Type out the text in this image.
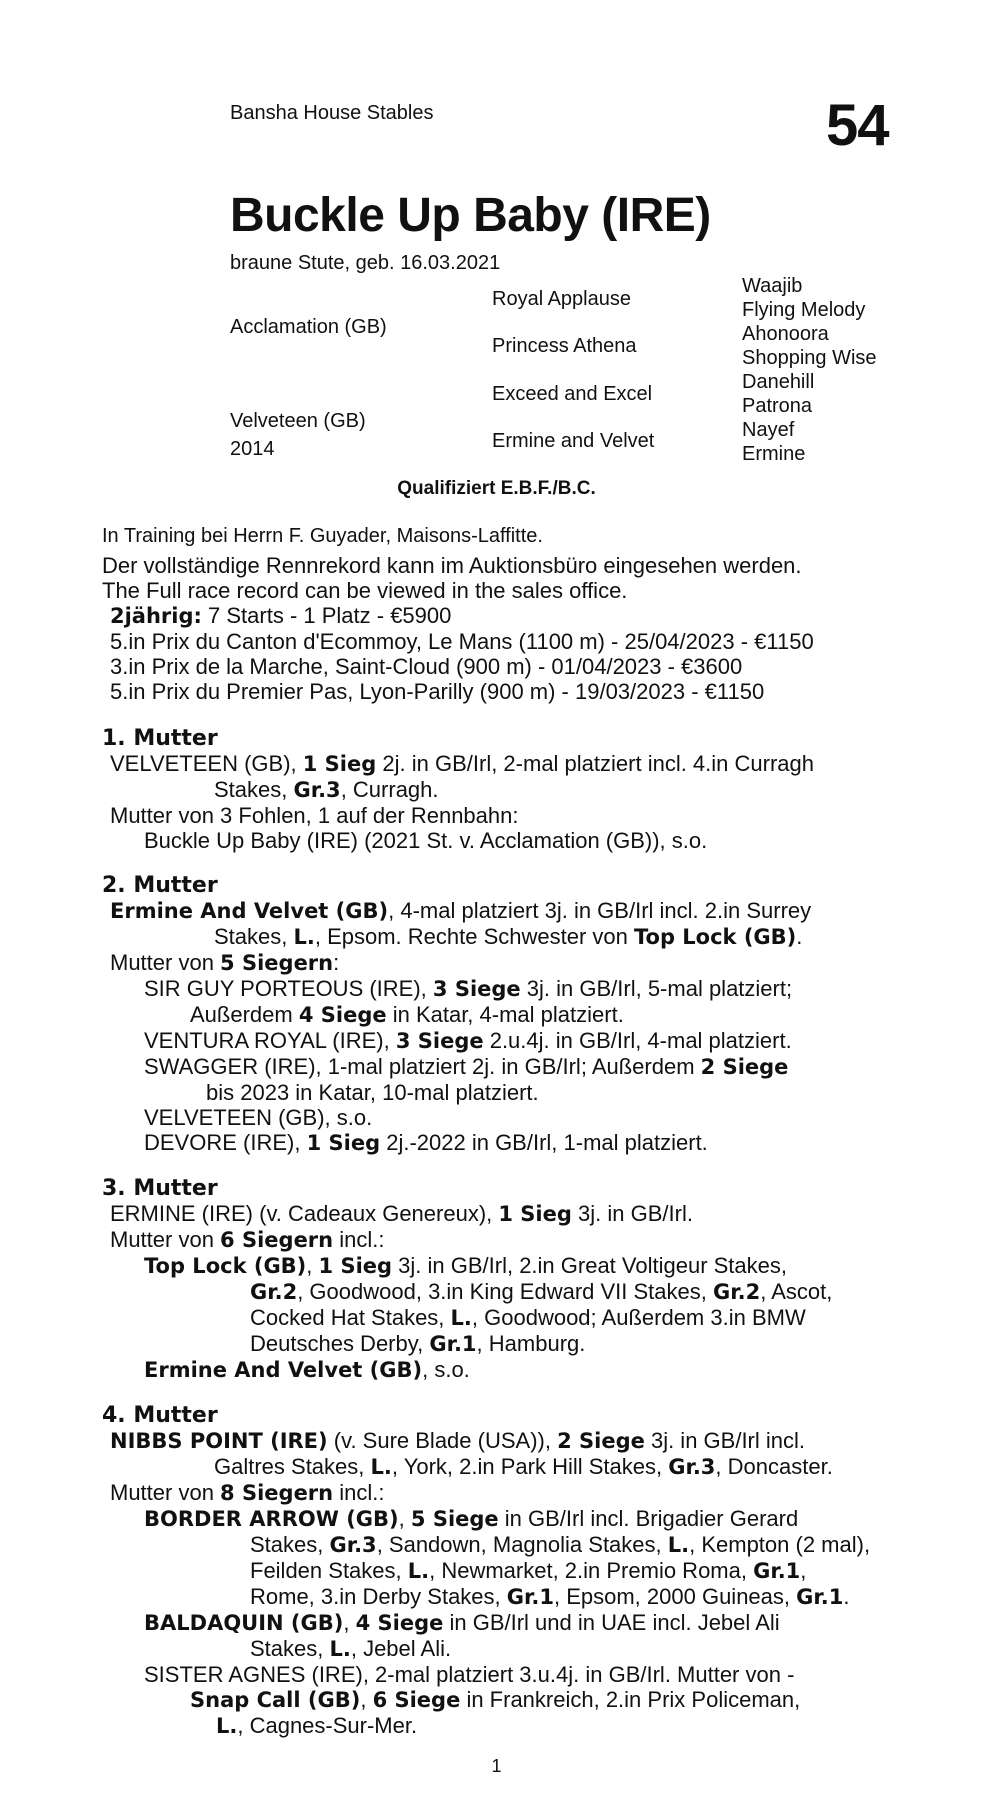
Bansha House Stables	54
Buckle Up Baby (IRE)
braune Stute, geb. 16.03.2021
Acclamation (GB)
Velveteen (GB)
2014
Royal Applause
Princess Athena
Exceed and Excel
Ermine and Velvet
Waajib
Flying Melody
Ahonoora
Shopping Wise
Danehill
Patrona
Nayef
Ermine
Qualifiziert E.B.F./B.C.
In Training bei Herrn F. Guyader, Maisons-Laffitte.
Der vollständige Rennrekord kann im Auktionsbüro eingesehen werden.
The Full race record can be viewed in the sales office.
2jährig: 7 Starts - 1 Platz - €5900
5.in Prix du Canton d'Ecommoy, Le Mans (1100 m) - 25/04/2023 - €1150
3.in Prix de la Marche, Saint-Cloud (900 m) - 01/04/2023 - €3600
5.in Prix du Premier Pas, Lyon-Parilly (900 m) - 19/03/2023 - €1150
1. Mutter
VELVETEEN (GB), 1 Sieg 2j. in GB/Irl, 2-mal platziert incl. 4.in Curragh
Stakes, Gr.3, Curragh.
Mutter von 3 Fohlen, 1 auf der Rennbahn:
Buckle Up Baby (IRE) (2021 St. v. Acclamation (GB)), s.o.
2. Mutter
Ermine And Velvet (GB), 4-mal platziert 3j. in GB/Irl incl. 2.in Surrey
Stakes, L., Epsom. Rechte Schwester von Top Lock (GB).
Mutter von 5 Siegern:
SIR GUY PORTEOUS (IRE), 3 Siege 3j. in GB/Irl, 5-mal platziert;
Außerdem 4 Siege in Katar, 4-mal platziert.
VENTURA ROYAL (IRE), 3 Siege 2.u.4j. in GB/Irl, 4-mal platziert.
SWAGGER (IRE), 1-mal platziert 2j. in GB/Irl; Außerdem 2 Siege
bis 2023 in Katar, 10-mal platziert.
VELVETEEN (GB), s.o.
DEVORE (IRE), 1 Sieg 2j.-2022 in GB/Irl, 1-mal platziert.
3. Mutter
ERMINE (IRE) (v. Cadeaux Genereux), 1 Sieg 3j. in GB/Irl.
Mutter von 6 Siegern incl.:
Top Lock (GB), 1 Sieg 3j. in GB/Irl, 2.in Great Voltigeur Stakes,
Gr.2, Goodwood, 3.in King Edward VII Stakes, Gr.2, Ascot,
Cocked Hat Stakes, L., Goodwood; Außerdem 3.in BMW
Deutsches Derby, Gr.1, Hamburg.
Ermine And Velvet (GB), s.o.
4. Mutter
NIBBS POINT (IRE) (v. Sure Blade (USA)), 2 Siege 3j. in GB/Irl incl.
Galtres Stakes, L., York, 2.in Park Hill Stakes, Gr.3, Doncaster.
Mutter von 8 Siegern incl.:
BORDER ARROW (GB), 5 Siege in GB/Irl incl. Brigadier Gerard
Stakes, Gr.3, Sandown, Magnolia Stakes, L., Kempton (2 mal),
Feilden Stakes, L., Newmarket, 2.in Premio Roma, Gr.1,
Rome, 3.in Derby Stakes, Gr.1, Epsom, 2000 Guineas, Gr.1.
BALDAQUIN (GB), 4 Siege in GB/Irl und in UAE incl. Jebel Ali
Stakes, L., Jebel Ali.
SISTER AGNES (IRE), 2-mal platziert 3.u.4j. in GB/Irl. Mutter von -
Snap Call (GB), 6 Siege in Frankreich, 2.in Prix Policeman,
L., Cagnes-Sur-Mer.
1
